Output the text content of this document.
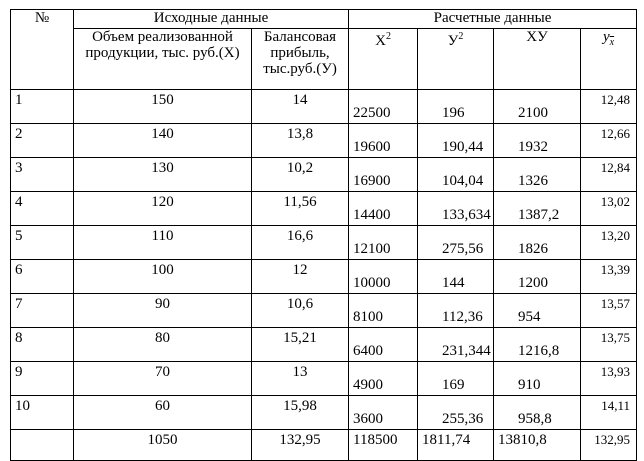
№	Исходные данные		Расчетные данные			
	Объем реализованной продукции, тыс. руб.(Х)	Балансовая прибыль, тыс.руб.(У)	$Х^2$	$У^2$	ХУ	$\overline{y}_{\overline{x}}$
1	150	14	22500	196	2100	12,48
2	140	13,8	19600	190,44	1932	12,66
3	130	10,2	16900	104,04	1326	12,84
4	120	11,56	14400	133,634	1387,2	13,02
5	110	16,6	12100	275,56	1826	13,20
6	100	12	10000	144	1200	13,39
7	90	10,6	8100	112,36	954	13,57
8	80	15,21	6400	231,344	1216,8	13,75
9	70	13	4900	169	910	13,93
10	60	15,98	3600	255,36	958,8	14,11
	1050	132,95	118500	1811,74	13810,8	132,95
